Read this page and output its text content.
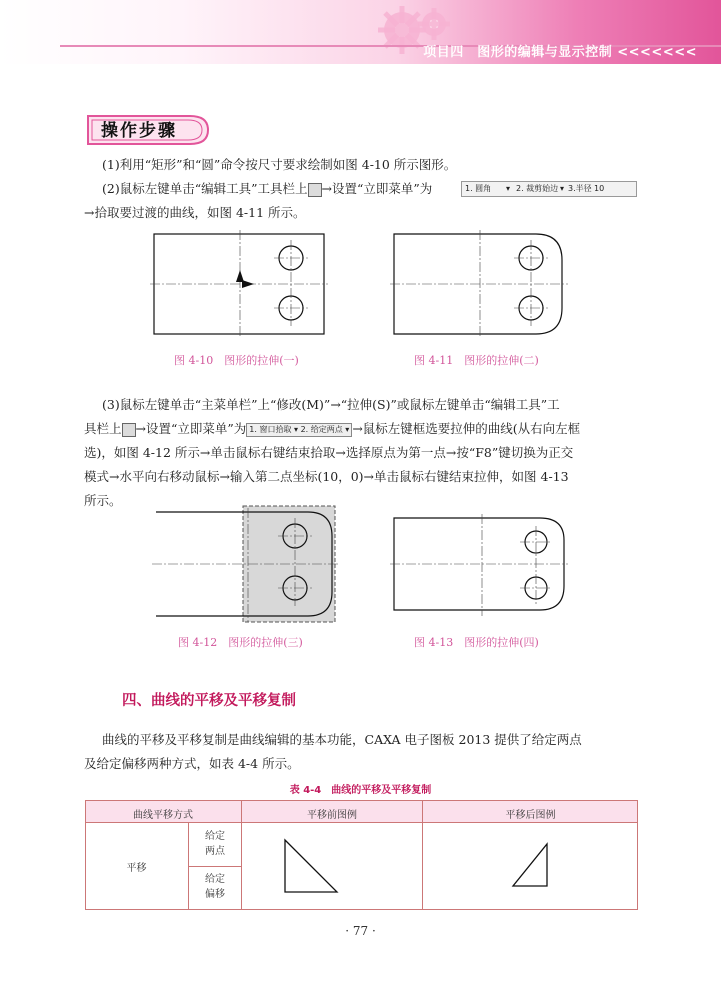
项目四　图形的编辑与显示控制 <<<<<<<
操作步骤
(1)利用“矩形”和“圆”命令按尺寸要求绘制如图 4-10 所示图形。
(2)鼠标左键单击“编辑工具”工具栏上 →设置“立即菜单”为	1. 圆角 ▾ 2. 裁剪始边 ▾ 3.半径 10
→拾取要过渡的曲线，如图 4-11 所示。
图 4-10　图形的拉伸(一)	图 4-11　图形的拉伸(二)
(3)鼠标左键单击“主菜单栏”上“修改(M)”→“拉伸(S)”或鼠标左键单击“编辑工具”工
具栏上 →设置“立即菜单”为 1. 窗口拾取 ▾ 2. 给定两点 ▾ →鼠标左键框选要拉伸的曲线(从右向左框
选)，如图 4-12 所示→单击鼠标右键结束拾取→选择原点为第一点→按“F8”键切换为正交
模式→水平向右移动鼠标→输入第二点坐标(10，0)→单击鼠标右键结束拉伸，如图 4-13
所示。
图 4-12　图形的拉伸(三)	图 4-13　图形的拉伸(四)
四、曲线的平移及平移复制
曲线的平移及平移复制是曲线编辑的基本功能，CAXA 电子图板 2013 提供了给定两点
及给定偏移两种方式，如表 4-4 所示。
表 4-4　曲线的平移及平移复制
曲线平移方式	平移前图例	平移后图例
平移
给定
两点
给定
偏移
· 77 ·
